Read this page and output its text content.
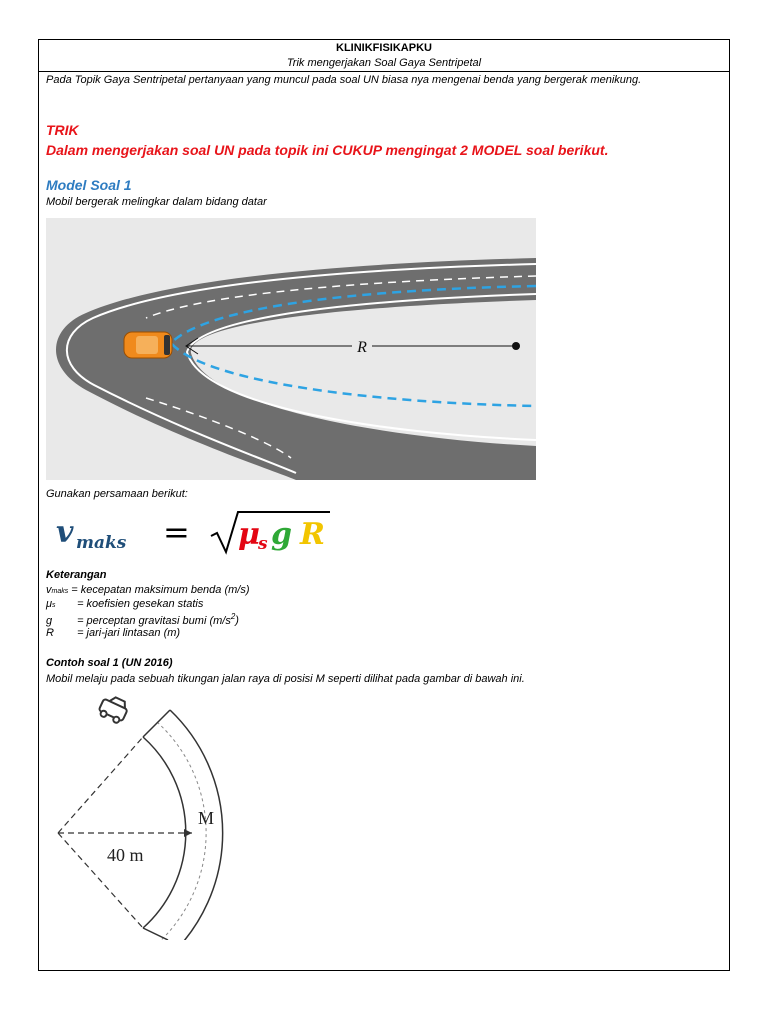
KLINIKFISIKAPKU
Trik mengerjakan Soal Gaya Sentripetal
Pada Topik Gaya Sentripetal pertanyaan yang muncul pada soal UN biasa nya mengenai benda yang bergerak menikung.
TRIK
Dalam mengerjakan soal UN pada topik ini CUKUP mengingat 2 MODEL soal berikut.
Model Soal 1
Mobil bergerak melingkar dalam bidang datar
R
Gunakan persamaan berikut:
v maks = μ
s g R
Keterangan
vmaks = kecepatan maksimum benda (m/s)
μs = koefisien gesekan statis
g = perceptan gravitasi bumi $(m/s^2)$
R = jari-jari lintasan (m)
Contoh soal 1 (UN 2016)
Mobil melaju pada sebuah tikungan jalan raya di posisi M seperti dilihat pada gambar di bawah ini.
M
40 m
